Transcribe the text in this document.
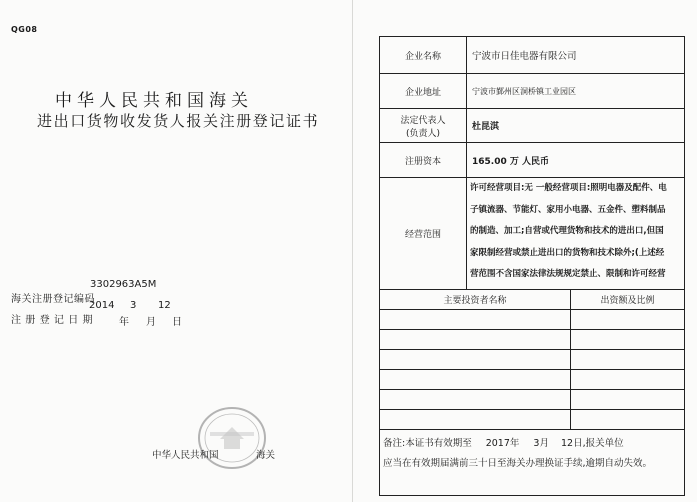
QG08
中华人民共和国海关
进出口货物收发货人报关注册登记证书
3302963A5M
海关注册登记编码
2014 3 12
注册登记日期 年 月 日
中华人民共和国	海关
企业名称	宁波市日佳电器有限公司
企业地址	宁波市鄞州区洞桥镇工业园区

法定代表人
(负责人)	杜昆淇
注册资本	165.00 万 人民币
经营范围	许可经营项目:无 一般经营项目:照明电器及配件、电
子镇流器、节能灯、家用小电器、五金件、塑料制品
的制造、加工;自营或代理货物和技术的进出口,但国
家限制经营或禁止进出口的货物和技术除外;(上述经
营范围不含国家法律法规规定禁止、限制和许可经营
主要投资者名称	出资额及比例

备注:本证书有效期至 2017年 3月 12日,报关单位
应当在有效期届满前三十日至海关办理换证手续,逾期自动失效。	
